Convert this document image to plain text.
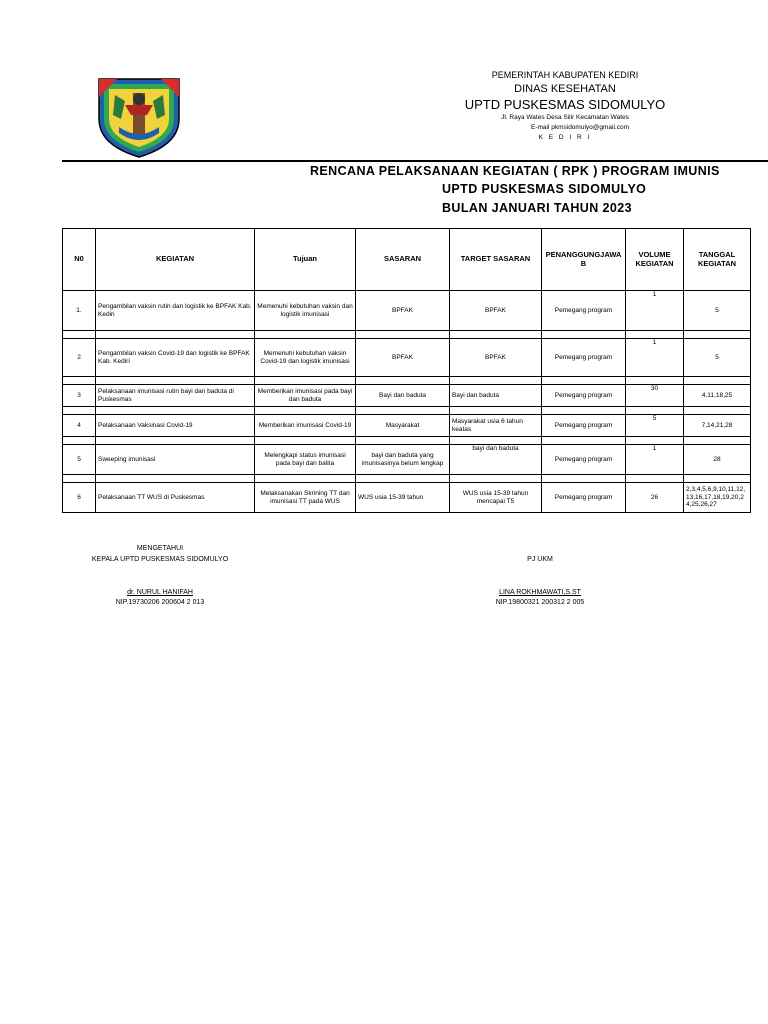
PEMERINTAH KABUPATEN KEDIRI
DINAS KESEHATAN
UPTD PUSKESMAS SIDOMULYO
Jl. Raya Wates Desa Silir Kecamatan Wates
E-mail pkmsidomulyo@gmail.com
K E D I R I
RENCANA PELAKSANAAN KEGIATAN ( RPK ) PROGRAM IMUNIS
UPTD PUSKESMAS SIDOMULYO
BULAN JANUARI TAHUN 2023
N0	KEGIATAN	Tujuan	SASARAN	TARGET SASARAN	PENANGGUNGJAWAB	VOLUME KEGIATAN	TANGGAL KEGIATAN
1.	Pengambilan vaksin rutin dan logistik ke BPFAK Kab. Kediri	Memenuhi kebutuhan vaksin dan logistik imunisasi	BPFAK	BPFAK	Pemegang program	1	5

2	Pengambilan vaksin Covid-19 dan logistik ke BPFAK Kab. Kediri	Memenuhi kebutuhan vaksin Covid-19 dan logistik imunisasi	BPFAK	BPFAK	Pemegang program	1	5

3	Pelaksanaan imunisasi rutin bayi dan baduta di Puskesmas	Memberikan imunisasi pada bayi dan baduta	Bayi dan baduta	Bayi dan baduta	Pemegang program	30	4,11,18,25

4	Pelaksanaan Vaksinasi Covid-19	Memberikan imunisasi Covid-19	Masyarakat	Masyarakat usia 6 tahun keatas	Pemegang program	5	7,14,21,28

5	Sweeping imunisasi	Melengkapi status imunisasi pada bayi dan balita	bayi dan baduta yang imunisasinya belum lengkap	bayi dan baduta	Pemegang program	1	28

6	Pelaksanaan TT WUS di Puskesmas	Melaksanakan Skrining TT dan imunisasi TT pada WUS	WUS usia 15-39 tahun	WUS usia 15-39 tahun mencapai T5	Pemegang program	26	2,3,4,5,6,9,10,11,12,13,16,17,18,19,20,24,25,26,27
MENGETAHUI
KEPALA UPTD PUSKESMAS SIDOMULYO
dr. NURUL HANIFAH
NIP.19730206 200604 2 013
PJ UKM
LINA ROKHMAWATI,S.ST
NIP.19800321 200312 2 005
